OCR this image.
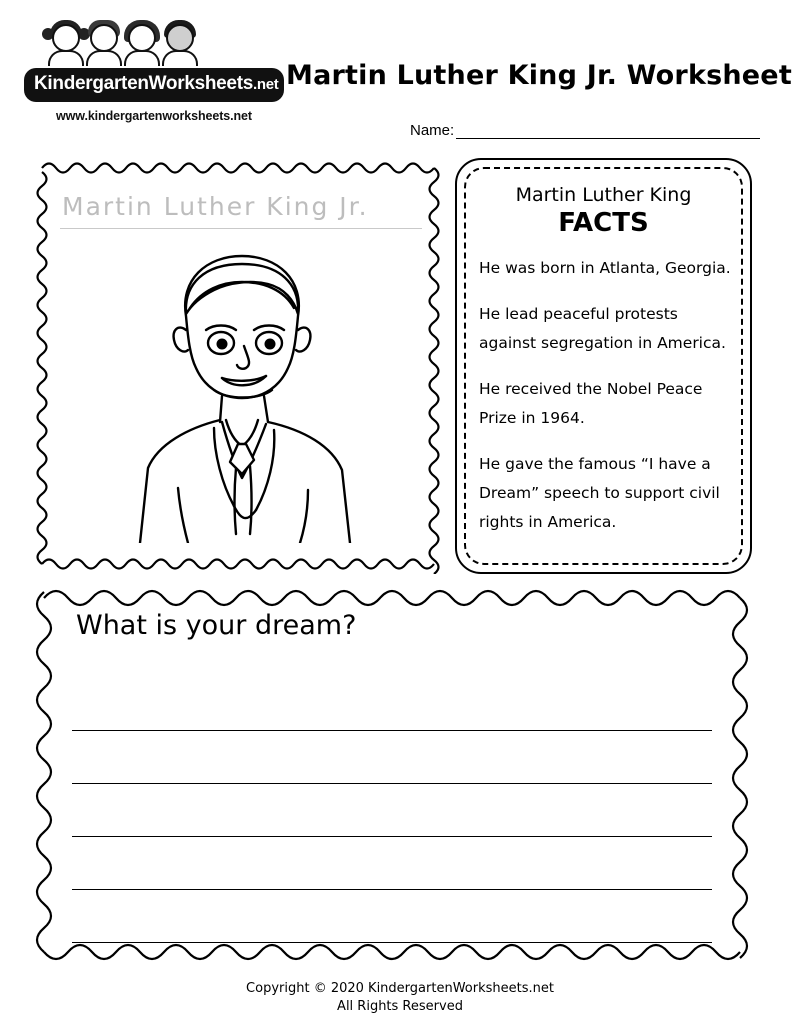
KindergartenWorksheets.net
www.kindergartenworksheets.net
Martin Luther King Jr. Worksheet
Name:
Martin Luther King Jr.	Martin Luther King
FACTS
He was born in Atlanta, Georgia.
He lead peaceful protests against segregation in America.
He received the Nobel Peace Prize in 1964.
He gave the famous “I have a Dream” speech to support civil rights in America.
What is your dream?
Copyright © 2020 KindergartenWorksheets.net
All Rights Reserved
